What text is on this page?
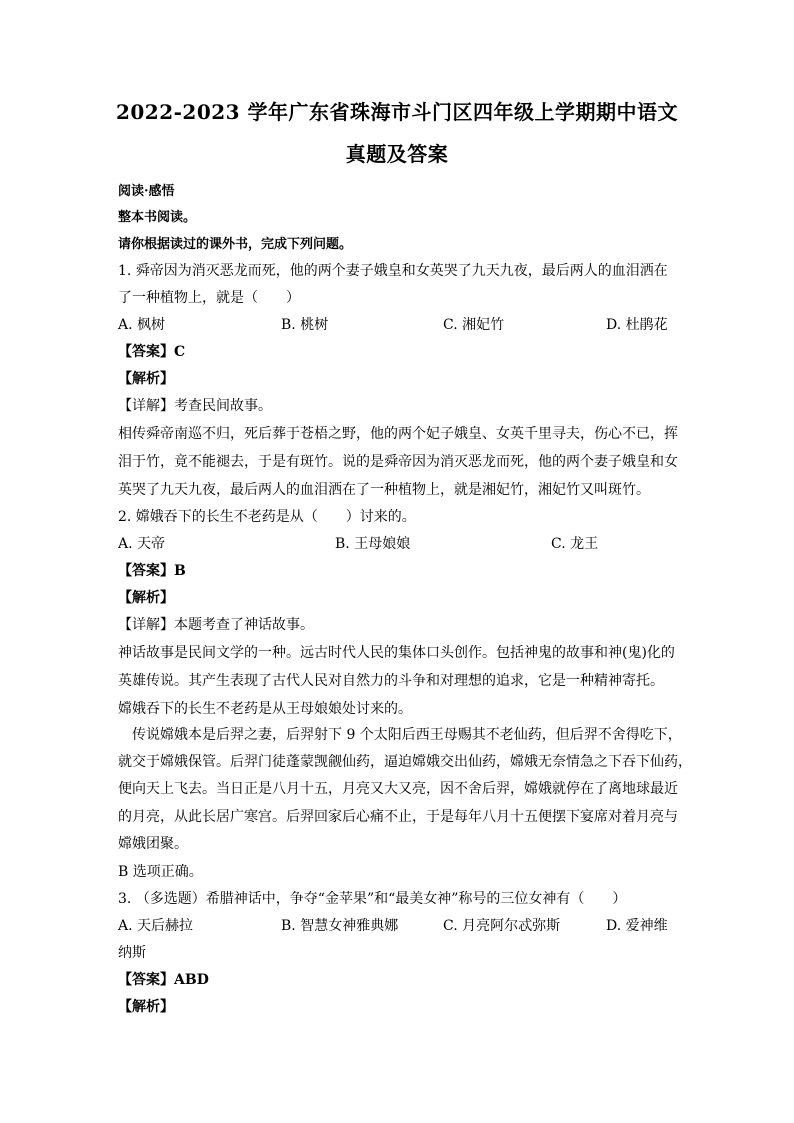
2022-2023 学年广东省珠海市斗门区四年级上学期期中语文
真题及答案
阅读·感悟
整本书阅读。
请你根据读过的课外书，完成下列问题。
1. 舜帝因为消灭恶龙而死，他的两个妻子娥皇和女英哭了九天九夜，最后两人的血泪洒在
了一种植物上，就是（　　）
A. 枫树	B. 桃树	C. 湘妃竹	D. 杜鹃花
【答案】C
【解析】
【详解】考查民间故事。
相传舜帝南巡不归，死后葬于苍梧之野，他的两个妃子娥皇、女英千里寻夫，伤心不已，挥
泪于竹，竟不能褪去，于是有斑竹。说的是舜帝因为消灭恶龙而死，他的两个妻子娥皇和女
英哭了九天九夜，最后两人的血泪洒在了一种植物上，就是湘妃竹，湘妃竹又叫斑竹。
2. 嫦娥吞下的长生不老药是从（　　）讨来的。
A. 天帝	B. 王母娘娘	C. 龙王
【答案】B
【解析】
【详解】本题考查了神话故事。
神话故事是民间文学的一种。远古时代人民的集体口头创作。包括神鬼的故事和神(鬼)化的
英雄传说。其产生表现了古代人民对自然力的斗争和对理想的追求，它是一种精神寄托。
嫦娥吞下的长生不老药是从王母娘娘处讨来的。
　传说嫦娥本是后羿之妻，后羿射下 9 个太阳后西王母赐其不老仙药，但后羿不舍得吃下，
就交于嫦娥保管。后羿门徒蓬蒙觊觎仙药，逼迫嫦娥交出仙药，嫦娥无奈情急之下吞下仙药，
便向天上飞去。当日正是八月十五，月亮又大又亮，因不舍后羿，嫦娥就停在了离地球最近
的月亮，从此长居广寒宫。后羿回家后心痛不止，于是每年八月十五便摆下宴席对着月亮与
嫦娥团聚。
B 选项正确。
3. （多选题）希腊神话中，争夺“金苹果”和“最美女神”称号的三位女神有（　　）
A. 天后赫拉	B. 智慧女神雅典娜	C. 月亮阿尔忒弥斯	D. 爱神维
纳斯
【答案】ABD
【解析】
